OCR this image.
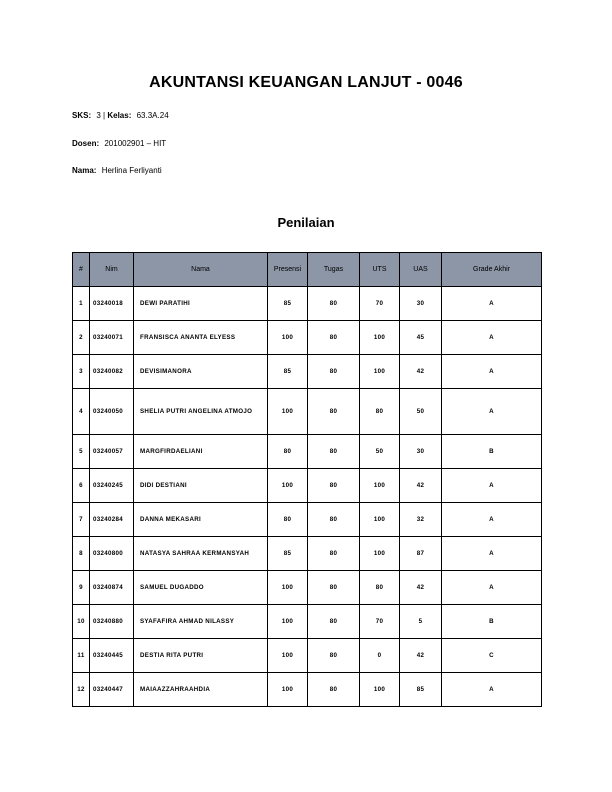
AKUNTANSI KEUANGAN LANJUT - 0046
SKS: 3 | Kelas: 63.3A.24
Dosen: 201002901 – HIT
Nama: Herlina Ferliyanti
Penilaian
#	Nim	Nama	Presensi	Tugas	UTS	UAS	Grade Akhir
1	03240018	DEWI PARATIHI	85	80	70	30	A
2	03240071	FRANSISCA ANANTA ELYESS	100	80	100	45	A
3	03240082	DEVISIMANORA	85	80	100	42	A
4	03240050	SHELIA PUTRI ANGELINA ATMOJO	100	80	80	50	A
5	03240057	MARGFIRDAELIANI	80	80	50	30	B
6	03240245	DIDI DESTIANI	100	80	100	42	A
7	03240284	DANNA MEKASARI	80	80	100	32	A
8	03240800	NATASYA SAHRAA KERMANSYAH	85	80	100	87	A
9	03240874	SAMUEL DUGADDO	100	80	80	42	A
10	03240880	SYAFAFIRA AHMAD NILASSY	100	80	70	5	B
11	03240445	DESTIA RITA PUTRI	100	80	0	42	C
12	03240447	MAIAAZZAHRAAHDIA	100	80	100	85	A
